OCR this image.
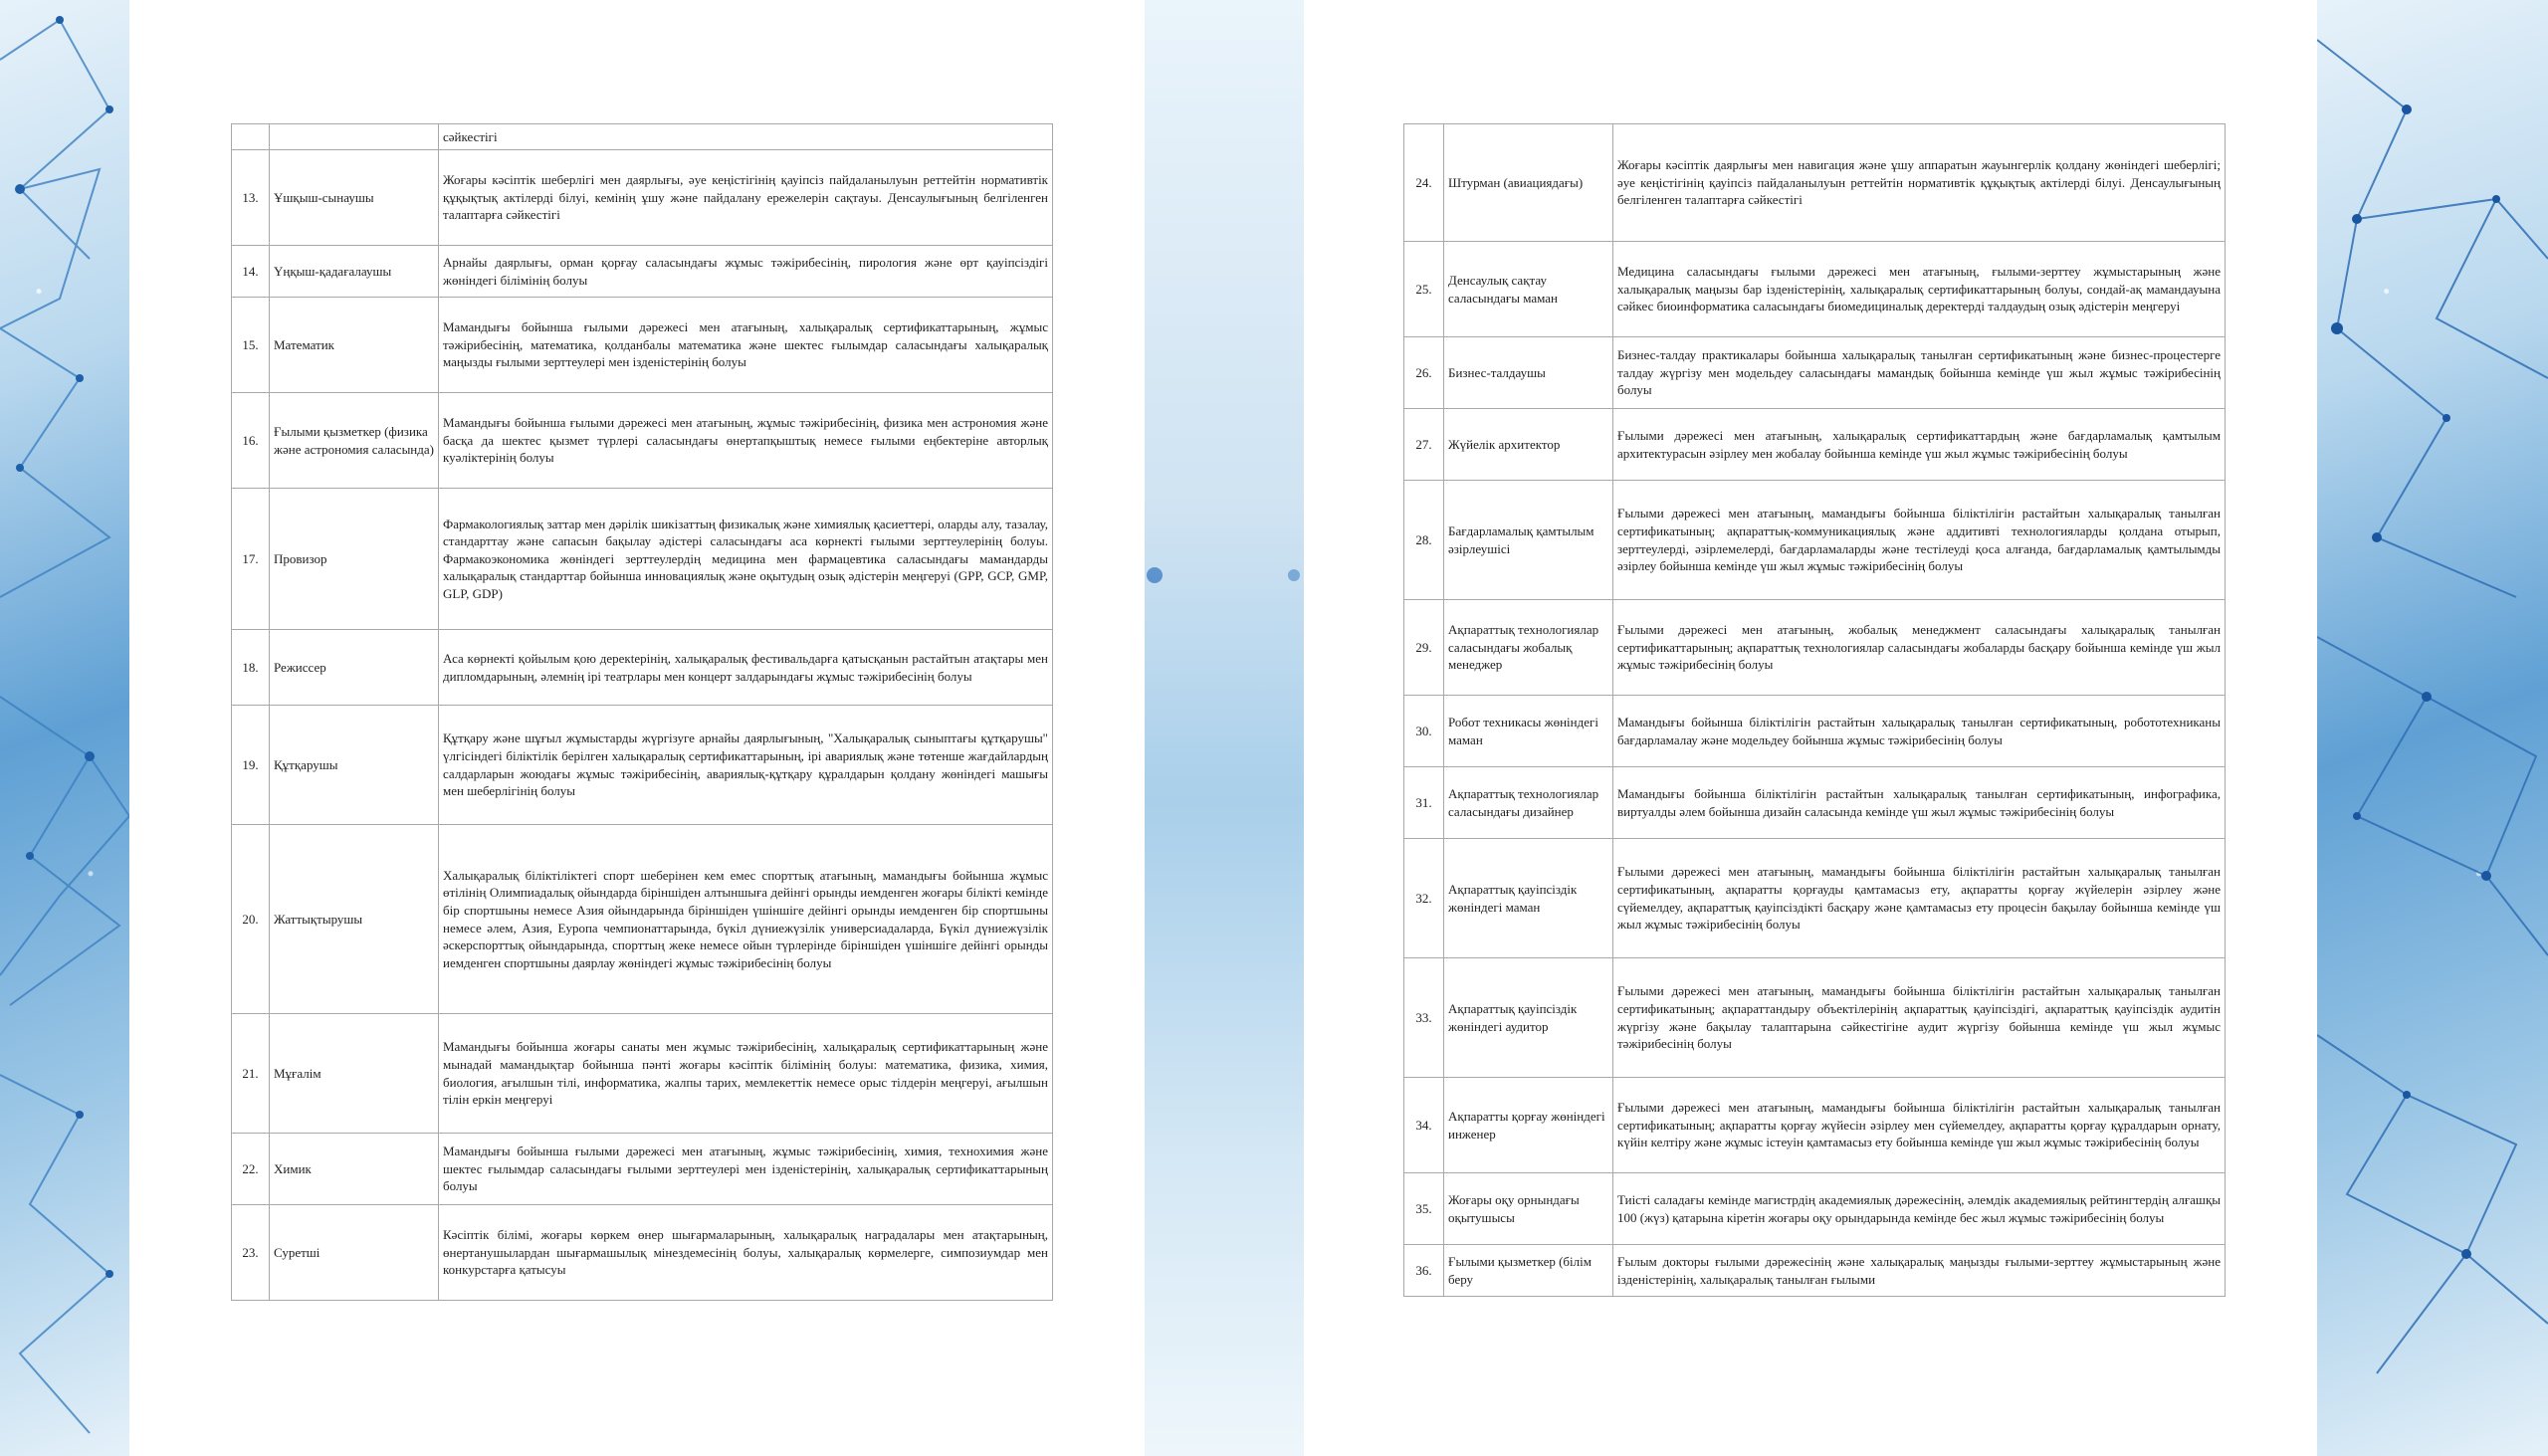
		сәйкестігі
13.	Ұшқыш-сынаушы	Жоғары кәсіптік шеберлігі мен даярлығы, әуе кеңістігінің қауіпсіз пайдаланылуын реттейтін нормативтік құқықтық актілерді білуі, кемінің ұшу және пайдалану ережелерін сақтауы. Денсаулығының белгіленген талаптарға сәйкестігі
14.	Үңқыш-қадағалаушы	Арнайы даярлығы, орман қорғау саласындағы жұмыс тәжірибесінің, пирология және өрт қауіпсіздігі жөніндегі білімінің болуы
15.	Математик	Мамандығы бойынша ғылыми дәрежесі мен атағының, халықаралық сертификаттарының, жұмыс тәжірибесінің, математика, қолданбалы математика және шектес ғылымдар саласындағы халықаралық маңызды ғылыми зерттеулері мен ізденістерінің болуы
16.	Ғылыми қызметкер (физика және астрономия саласында)	Мамандығы бойынша ғылыми дәрежесі мен атағының, жұмыс тәжірибесінің, физика мен астрономия және басқа да шектес қызмет түрлері саласындағы өнертапқыштық немесе ғылыми еңбектеріне авторлық куәліктерінің болуы
17.	Провизор	Фармакологиялық заттар мен дәрілік шикізаттың физикалық және химиялық қасиеттері, оларды алу, тазалау, стандарттау және сапасын бақылау әдістері саласындағы аса көрнекті ғылыми зерттеулерінің болуы. Фармакоэкономика жөніндегі зерттеулердің медицина мен фармацевтика саласындағы мамандарды халықаралық стандарттар бойынша инновациялық және оқытудың озық әдістерін меңгеруі (GPP, GCP, GMP, GLP, GDP)
18.	Режиссер	Аса көрнекті қойылым қою дерекtерінің, халықаралық фестивальдарға қатысқанын растайтын атақтары мен дипломдарының, әлемнің ірі театрлары мен концерт залдарындағы жұмыс тәжірибесінің болуы
19.	Құтқарушы	Құтқару және шұғыл жұмыстарды жүргізуге арнайы даярлығының, "Халықаралық сыныптағы құтқарушы" үлгісіндегі біліктілік берілген халықаралық сертификаттарының, ірі авариялық және төтенше жағдайлардың салдарларын жоюдағы жұмыс тәжірибесінің, авариялық-құтқару құралдарын қолдану жөніндегі машығы мен шеберлігінің болуы
20.	Жаттықтырушы	Халықаралық біліктіліктегі спорт шеберінен кем емес спорттық атағының, мамандығы бойынша жұмыс өтілінің Олимпиадалық ойындарда біріншіден алтыншыға дейінгі орынды иемденген жоғары білікті кемінде бір спортшыны немесе Азия ойындарында біріншіден үшіншіге дейінгі орынды иемденген бір спортшыны немесе әлем, Азия, Еуропа чемпионаттарында, бүкіл дүниежүзілік универсиадаларда, Бүкіл дүниежүзілік әскерспорттық ойындарында, спорттың жеке немесе ойын түрлерінде біріншіден үшіншіге дейінгі орынды иемденген спортшыны даярлау жөніндегі жұмыс тәжірибесінің болуы
21.	Мұғалім	Мамандығы бойынша жоғары санаты мен жұмыс тәжірибесінің, халықаралық сертификаттарының және мынадай мамандықтар бойынша пәнті жоғары кәсіптік білімінің болуы: математика, физика, химия, биология, ағылшын тілі, информатика, жалпы тарих, мемлекеттік немесе орыс тілдерін меңгеруі, ағылшын тілін еркін меңгеруі
22.	Химик	Мамандығы бойынша ғылыми дәрежесі мен атағының, жұмыс тәжірибесінің, химия, технохимия және шектес ғылымдар саласындағы ғылыми зерттеулері мен ізденістерінің, халықаралық сертификаттарының болуы
23.	Суретші	Кәсіптік білімі, жоғары көркем өнер шығармаларының, халықаралық наградалары мен атақтарының, өнертанушылардан шығармашылық мінездемесінің болуы, халықаралық көрмелерге, симпозиумдар мен конкурстарға қатысуы
24.	Штурман (авиациядағы)	Жоғары кәсіптік даярлығы мен навигация және ұшу аппаратын жауынгерлік қолдану жөніндегі шеберлігі; әуе кеңістігінің қауіпсіз пайдаланылуын реттейтін нормативтік құқықтық актілерді білуі. Денсаулығының белгіленген талаптарға сәйкестігі
25.	Денсаулық сақтау саласындағы маман	Медицина саласындағы ғылыми дәрежесі мен атағының, ғылыми-зерттеу жұмыстарының және халықаралық маңызы бар ізденістерінің, халықаралық сертификаттарының болуы, сондай-ақ мамандауына сәйкес биоинформатика саласындағы биомедициналық деректерді талдаудың озық әдістерін меңгеруі
26.	Бизнес-талдаушы	Бизнес-талдау практикалары бойынша халықаралық танылған сертификатының және бизнес-процестерге талдау жүргізу мен модельдеу саласындағы мамандық бойынша кемінде үш жыл жұмыс тәжірибесінің болуы
27.	Жүйелік архитектор	Ғылыми дәрежесі мен атағының, халықаралық сертификаттардың және бағдарламалық қамтылым архитектурасын әзірлеу мен жобалау бойынша кемінде үш жыл жұмыс тәжірибесінің болуы
28.	Бағдарламалық қамтылым әзірлеушісі	Ғылыми дәрежесі мен атағының, мамандығы бойынша біліктілігін растайтын халықаралық танылған сертификатының; ақпараттық-коммуникациялық және аддитивті технологияларды қолдана отырып, зерттеулерді, әзірлемелерді, бағдарламаларды және тестілеуді қоса алғанда, бағдарламалық қамтылымды әзірлеу бойынша кемінде үш жыл жұмыс тәжірибесінің болуы
29.	Ақпараттық технологиялар саласындағы жобалық менеджер	Ғылыми дәрежесі мен атағының, жобалық менеджмент саласындағы халықаралық танылған сертификаттарының; ақпараттық технологиялар саласындағы жобаларды басқару бойынша кемінде үш жыл жұмыс тәжірибесінің болуы
30.	Робот техникасы жөніндегі маман	Мамандығы бойынша біліктілігін растайтын халықаралық танылған сертификатының, робототехниканы бағдарламалау және модельдеу бойынша жұмыс тәжірибесінің болуы
31.	Ақпараттық технологиялар саласындағы дизайнер	Мамандығы бойынша біліктілігін растайтын халықаралық танылған сертификатының, инфографика, виртуалды әлем бойынша дизайн саласында кемінде үш жыл жұмыс тәжірибесінің болуы
32.	Ақпараттық қауіпсіздік жөніндегі маман	Ғылыми дәрежесі мен атағының, мамандығы бойынша біліктілігін растайтын халықаралық танылған сертификатының, ақпаратты қорғауды қамтамасыз ету, ақпаратты қорғау жүйелерін әзірлеу және сүйемелдеу, ақпараттық қауіпсіздікті басқару және қамтамасыз ету процесін бақылау бойынша кемінде үш жыл жұмыс тәжірибесінің болуы
33.	Ақпараттық қауіпсіздік жөніндегі аудитор	Ғылыми дәрежесі мен атағының, мамандығы бойынша біліктілігін растайтын халықаралық танылған сертификатының; ақпараттандыру объектілерінің ақпараттық қауіпсіздігі, ақпараттық қауіпсіздік аудитін жүргізу және бақылау талаптарына сәйкестігіне аудит жүргізу бойынша кемінде үш жыл жұмыс тәжірибесінің болуы
34.	Ақпаратты қорғау жөніндегі инженер	Ғылыми дәрежесі мен атағының, мамандығы бойынша біліктілігін растайтын халықаралық танылған сертификатының; ақпаратты қорғау жүйесін әзірлеу мен сүйемелдеу, ақпаратты қорғау құралдарын орнату, күйін келтіру және жұмыс істеуін қамтамасыз ету бойынша кемінде үш жыл жұмыс тәжірибесінің болуы
35.	Жоғары оқу орнындағы оқытушысы	Тиісті саладағы кемінде магистрдің академиялық дәрежесінің, әлемдік академиялық рейтингтердің алғашқы 100 (жүз) қатарына кіретін жоғары оқу орындарында кемінде бес жыл жұмыс тәжірибесінің болуы
36.	Ғылыми қызметкер (білім беру	Ғылым докторы ғылыми дәрежесінің және халықаралық маңызды ғылыми-зерттеу жұмыстарының және ізденістерінің, халықаралық танылған ғылыми
